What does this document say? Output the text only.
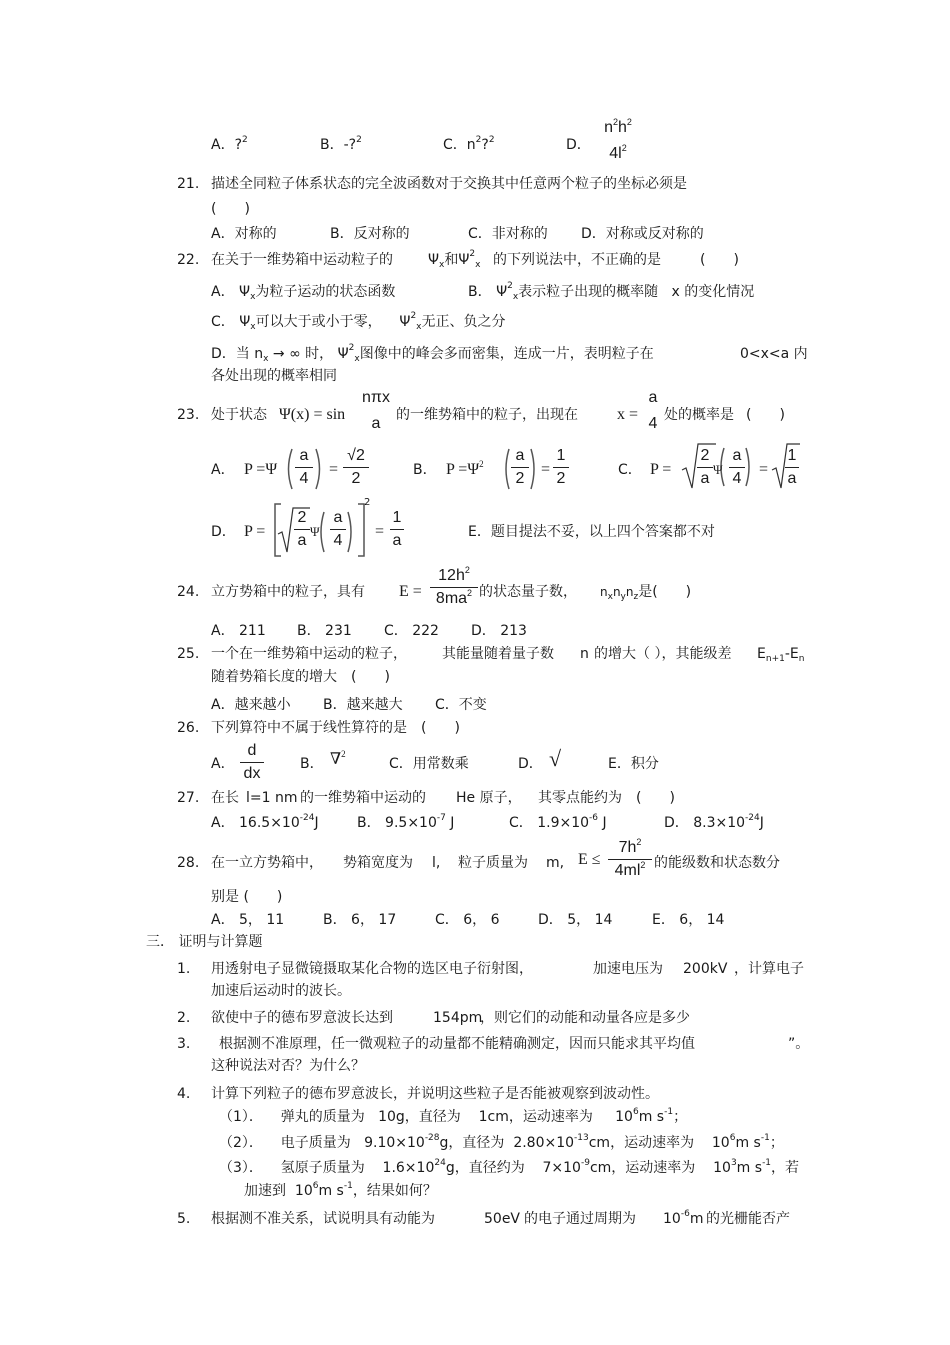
A．?$^2$	B．-?$^2$	C．$n^2?^2$	D．
$n^2h^2$
$4l^2$
21. 描述全同粒子体系状态的完全波函数对于交换其中任意两个粒子的坐标必须是
(　　)
A．对称的	B．反对称的	C．非对称的 D．对称或反对称的
22. 在关于一维势箱中运动粒子的	$\Psi_x$和$\Psi^2_x$ 的下列说法中，不正确的是	(　　)
A． $\Psi_x$为粒子运动的状态函数	B． $\Psi^2_x$表示粒子出现的概率随 x 的变化情况
C． $\Psi_x$可以大于或小于零， $\Psi^2_x$无正、负之分
D．当 $n_x$ → ∞ 时， $\Psi^2_x$图像中的峰会多而密集，连成一片，表明粒子在	0<x<a 内
各处出现的概率相同
23. 处于状态 Ψ(x) = sin
nπx
a	的一维势箱中的粒子，出现在 x =
a
4 处的概率是 (　　)
A． P =Ψ
a
4
=
√2
2	B． $P =\Psi^2$ a
2
=
1
2	C． P =
2
a
Ψ
a
4
=
1
a
D． P =
2
a
Ψ
a
4
2
=
1
a	E．题目提法不妥，以上四个答案都不对
24. 立方势箱中的粒子，具有 E =
$12h^2$
$8ma^2$ 的状态量子数， $n_xn_yn_z$是(　　)
A． 211 B． 231 C． 222 D． 213
25. 一个在一维势箱中运动的粒子，	其能量随着量子数 n 的增大（ ），其能级差 $E_{n+1}-E_n$
随着势箱长度的增大　(　　)
A．越来越小 B．越来越大 C．不变
26. 下列算符中不属于线性算符的是　(　　)
A．
d
dx
B． ∇$^2$
C．用常数乘	D． √	E．积分
27. 在长 l=1 nm 的一维势箱中运动的 He 原子， 其零点能约为　(　　)
A． $16.5\times 10^{-24}J$	B． $9.5\times 10^{-7}$ J	C． $1.9\times 10^{-6}$ J	D． $8.3\times 10^{-24}J$
28. 在一立方势箱中， 势箱宽度为 l, 粒子质量为 m, E ≤
$7h^2$
$4ml^2$ 的能级数和状态数分
别是 (　　)
A． 5， 11	B． 6， 17	C． 6， 6	D． 5， 14	E． 6， 14
三． 证明与计算题
1. 用透射电子显微镜摄取某化合物的选区电子衍射图，	加速电压为 200kV ，计算电子
加速后运动时的波长。
2. 欲使中子的德布罗意波长达到	154pm
，则它们的动能和动量各应是多少
3. 根据测不准原理，任一微观粒子的动量都不能精确测定，因而只能求其平均值	”。
这种说法对否？为什么？
4. 计算下列粒子的德布罗意波长，并说明这些粒子是否能被观察到波动性。
（1）． 弹丸的质量为 10g，直径为 1cm，运动速率为 $10^6m$ $s^{-1}$；
（2）． 电子质量为 $9.10\times 10^{-28}g$，直径为 $2.80\times 10^{-13}cm$，运动速率为 $10^6m$ $s^{-1}$；
（3）． 氢原子质量为 $1.6\times 10^{24}g$，直径约为 $7\times 10^{-9}cm$，运动速率为 $10^3m$ $s^{-1}$，若
加速到 $10^6m$ $s^{-1}$，结果如何？
5. 根据测不准关系，试说明具有动能为	50eV 的电子通过周期为 $10^{-6}m$ 的光栅能否产
